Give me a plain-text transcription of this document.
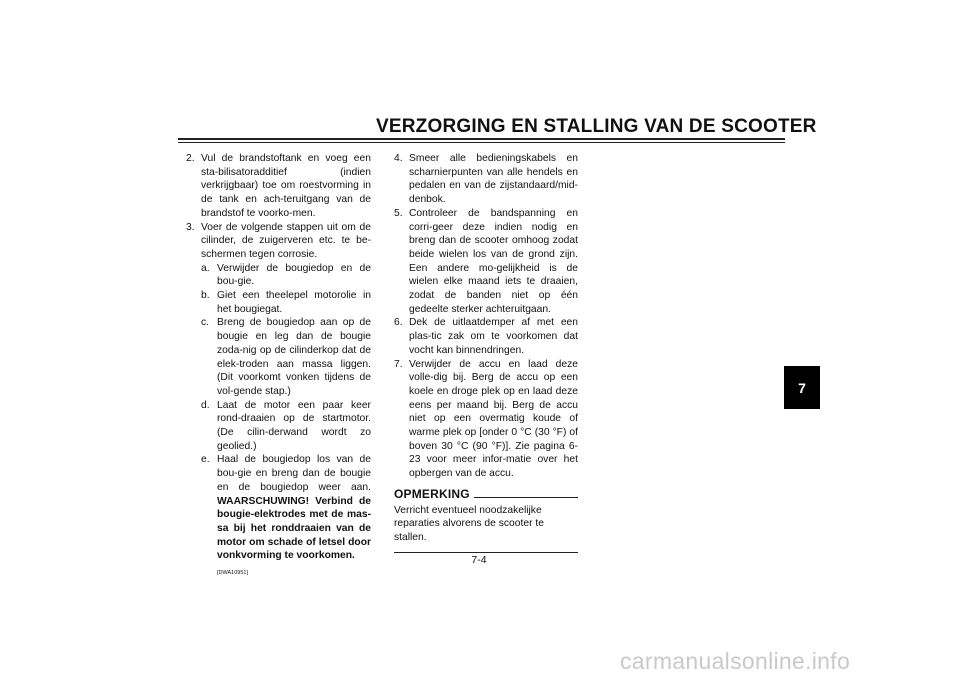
VERZORGING EN STALLING VAN DE SCOOTER
2. Vul de brandstoftank en voeg een sta-bilisatoradditief (indien verkrijgbaar) toe om roestvorming in de tank en ach-teruitgang van de brandstof te voorko-men.
3. Voer de volgende stappen uit om de cilinder, de zuigerveren etc. te be-schermen tegen corrosie.
a. Verwijder de bougiedop en de bou-gie.
b. Giet een theelepel motorolie in het bougiegat.
c. Breng de bougiedop aan op de bougie en leg dan de bougie zoda-nig op de cilinderkop dat de elek-troden aan massa liggen. (Dit voorkomt vonken tijdens de vol-gende stap.)
d. Laat de motor een paar keer rond-draaien op de startmotor. (De cilin-derwand wordt zo geolied.)
e. Haal de bougiedop los van de bou-gie en breng dan de bougie en de bougiedop weer aan. WAARSCHUWING! Verbind de bougie-elektrodes met de mas-sa bij het ronddraaien van de motor om schade of letsel door vonkvorming te voorkomen.
[DWA10951]
4. Smeer alle bedieningskabels en scharnierpunten van alle hendels en pedalen en van de zijstandaard/mid-denbok.
5. Controleer de bandspanning en corri-geer deze indien nodig en breng dan de scooter omhoog zodat beide wielen los van de grond zijn. Een andere mo-gelijkheid is de wielen elke maand iets te draaien, zodat de banden niet op één gedeelte sterker achteruitgaan.
6. Dek de uitlaatdemper af met een plas-tic zak om te voorkomen dat vocht kan binnendringen.
7. Verwijder de accu en laad deze volle-dig bij. Berg de accu op een koele en droge plek op en laad deze eens per maand bij. Berg de accu niet op een overmatig koude of warme plek op [onder 0 °C (30 °F) of boven 30 °C (90 °F)]. Zie pagina 6-23 voor meer infor-matie over het opbergen van de accu.
OPMERKING
Verricht eventueel noodzakelijke reparaties alvorens de scooter te stallen.
7-4
7
carmanualsonline.info
